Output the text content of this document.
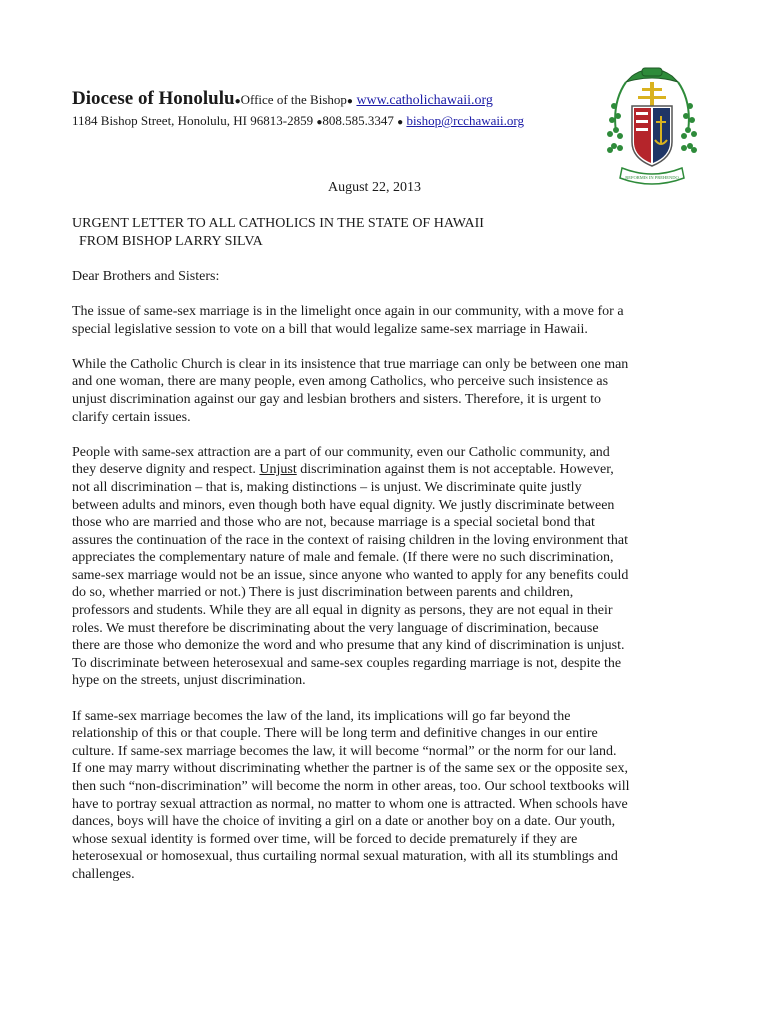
Diocese of Honolulu●Office of the Bishop● www.catholichawaii.org
1184 Bishop Street, Honolulu, HI 96813-2859 ●808.585.3347 ● bishop@rcchawaii.org
REFORMIS IN PREHENDO
August 22, 2013
URGENT LETTER TO ALL CATHOLICS IN THE STATE OF HAWAII
FROM BISHOP LARRY SILVA

Dear Brothers and Sisters:

The issue of same-sex marriage is in the limelight once again in our community, with a move for a
special legislative session to vote on a bill that would legalize same-sex marriage in Hawaii.

While the Catholic Church is clear in its insistence that true marriage can only be between one man
and one woman, there are many people, even among Catholics, who perceive such insistence as
unjust discrimination against our gay and lesbian brothers and sisters. Therefore, it is urgent to
clarify certain issues.

People with same-sex attraction are a part of our community, even our Catholic community, and
they deserve dignity and respect. Unjust discrimination against them is not acceptable. However,
not all discrimination – that is, making distinctions – is unjust. We discriminate quite justly
between adults and minors, even though both have equal dignity. We justly discriminate between
those who are married and those who are not, because marriage is a special societal bond that
assures the continuation of the race in the context of raising children in the loving environment that
appreciates the complementary nature of male and female. (If there were no such discrimination,
same-sex marriage would not be an issue, since anyone who wanted to apply for any benefits could
do so, whether married or not.) There is just discrimination between parents and children,
professors and students. While they are all equal in dignity as persons, they are not equal in their
roles. We must therefore be discriminating about the very language of discrimination, because
there are those who demonize the word and who presume that any kind of discrimination is unjust.
To discriminate between heterosexual and same-sex couples regarding marriage is not, despite the
hype on the streets, unjust discrimination.

If same-sex marriage becomes the law of the land, its implications will go far beyond the
relationship of this or that couple. There will be long term and definitive changes in our entire
culture. If same-sex marriage becomes the law, it will become “normal” or the norm for our land.
If one may marry without discriminating whether the partner is of the same sex or the opposite sex,
then such “non-discrimination” will become the norm in other areas, too. Our school textbooks will
have to portray sexual attraction as normal, no matter to whom one is attracted. When schools have
dances, boys will have the choice of inviting a girl on a date or another boy on a date. Our youth,
whose sexual identity is formed over time, will be forced to decide prematurely if they are
heterosexual or homosexual, thus curtailing normal sexual maturation, with all its stumblings and
challenges.
